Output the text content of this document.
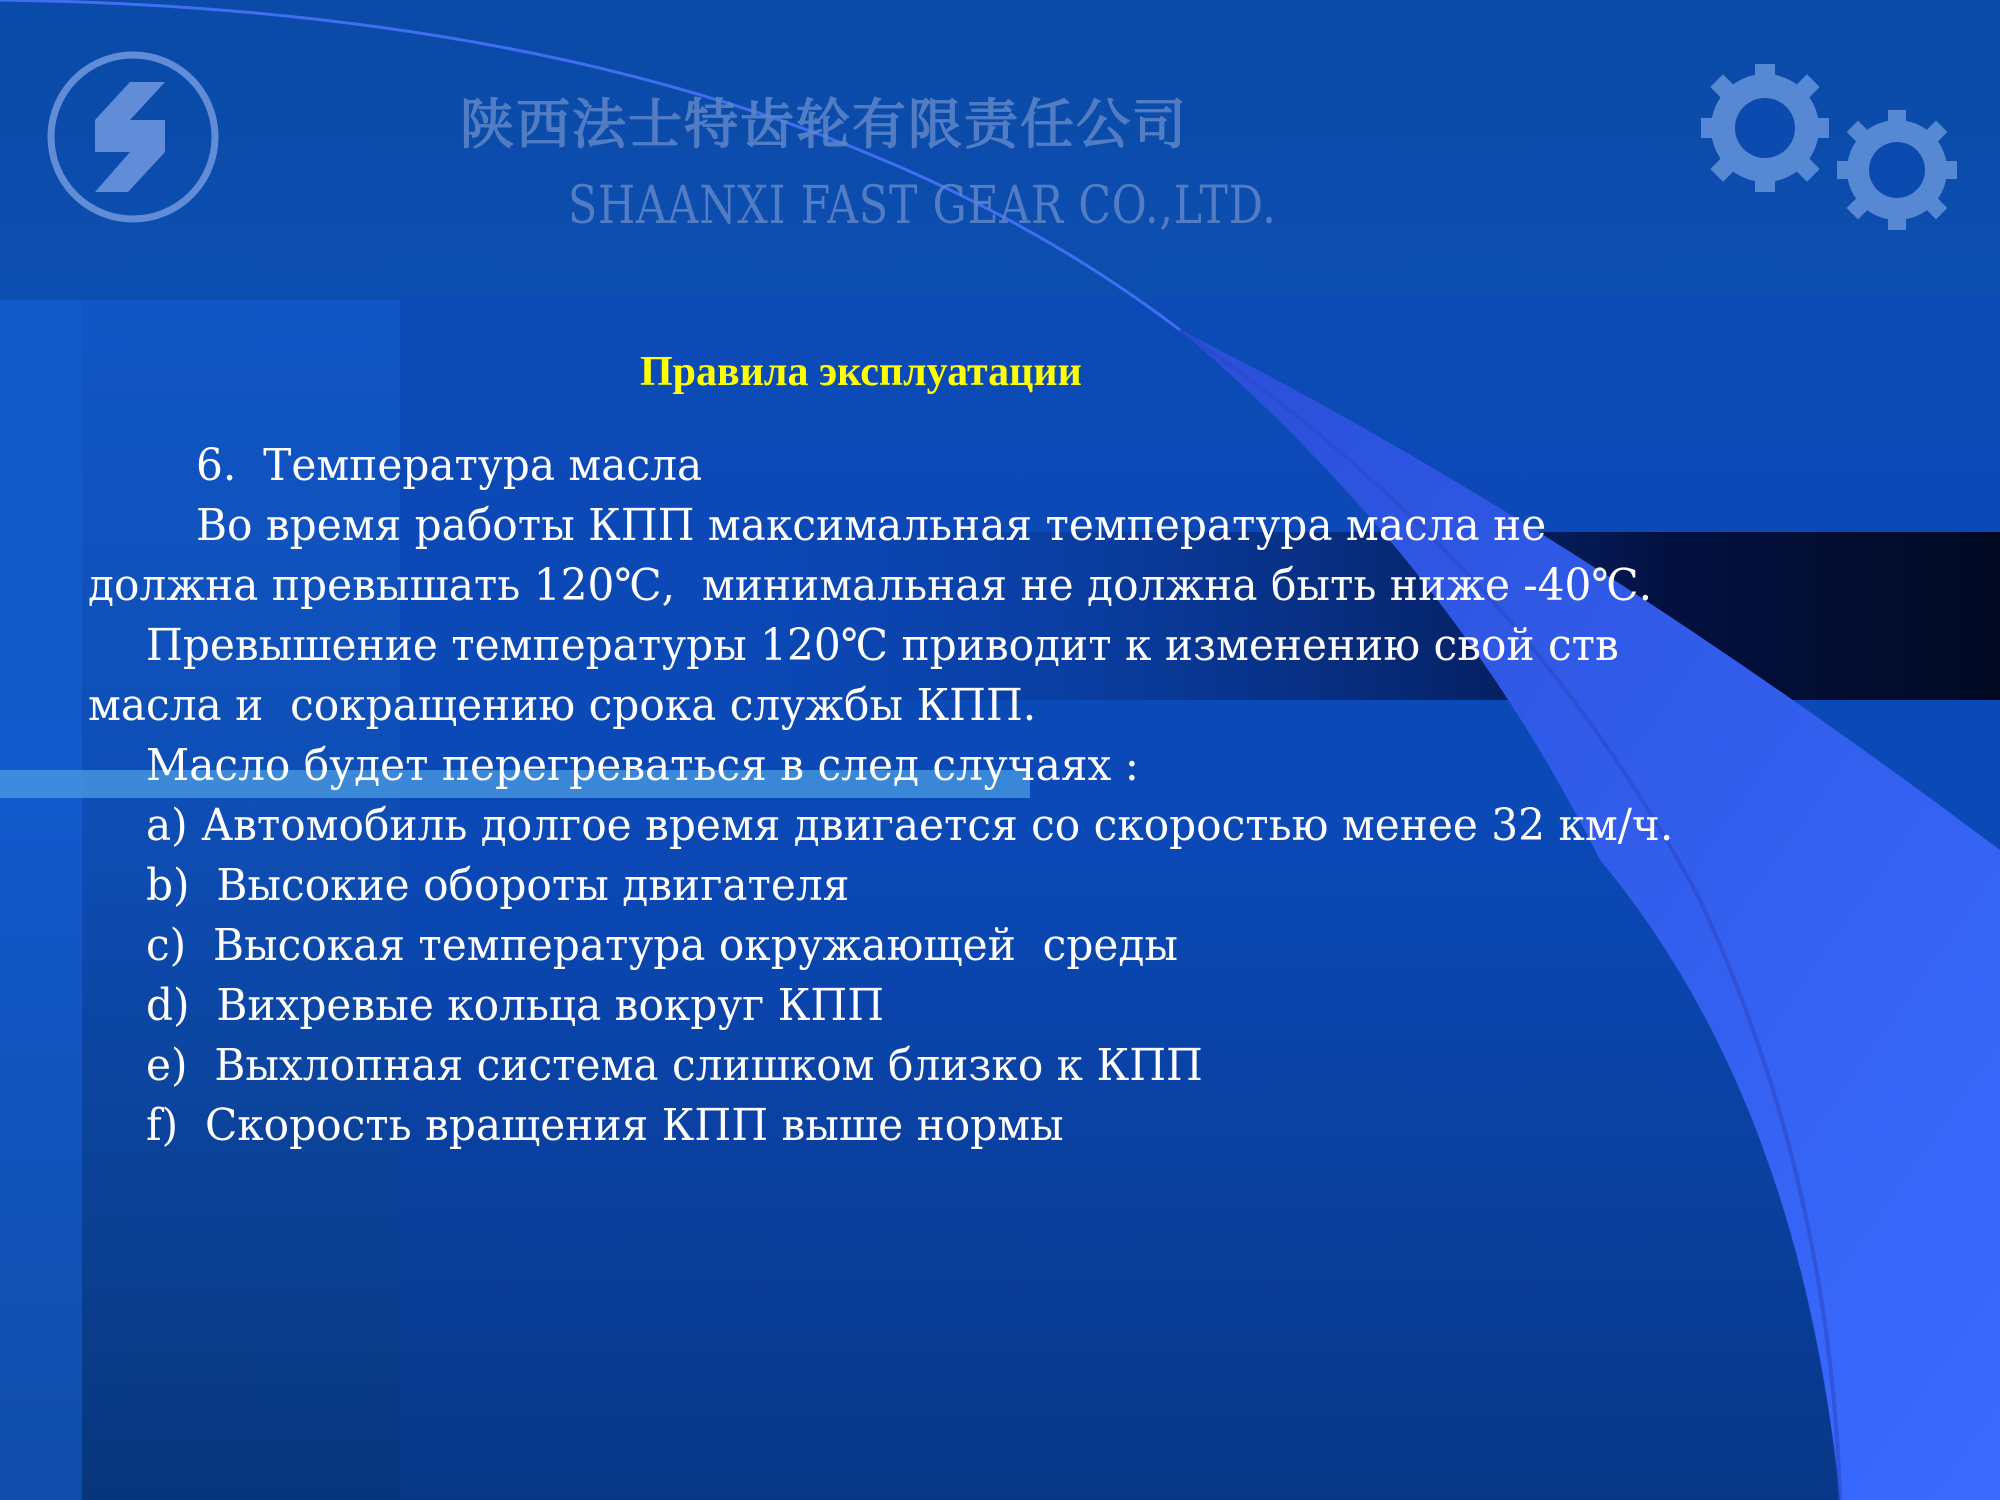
陕西法士特齿轮有限责任公司
SHAANXI FAST GEAR CO.,LTD.
Правила эксплуатации
6.  Температура масла
Во время работы КПП максимальная температура масла не
должна превышать 120℃,  минимальная не должна быть ниже -40℃.
Превышение температуры 120℃ приводит к изменению свой ств
масла и  сокращению срока службы КПП.
Масло будет перегреваться в след случаях :
a) Автомобиль долгое время двигается со скоростью менее 32 км/ч.
b)  Высокие обороты двигателя
c)  Высокая температура окружающей  среды
d)  Вихревые кольца вокруг КПП
e)  Выхлопная система слишком близко к КПП
f)  Скорость вращения КПП выше нормы
